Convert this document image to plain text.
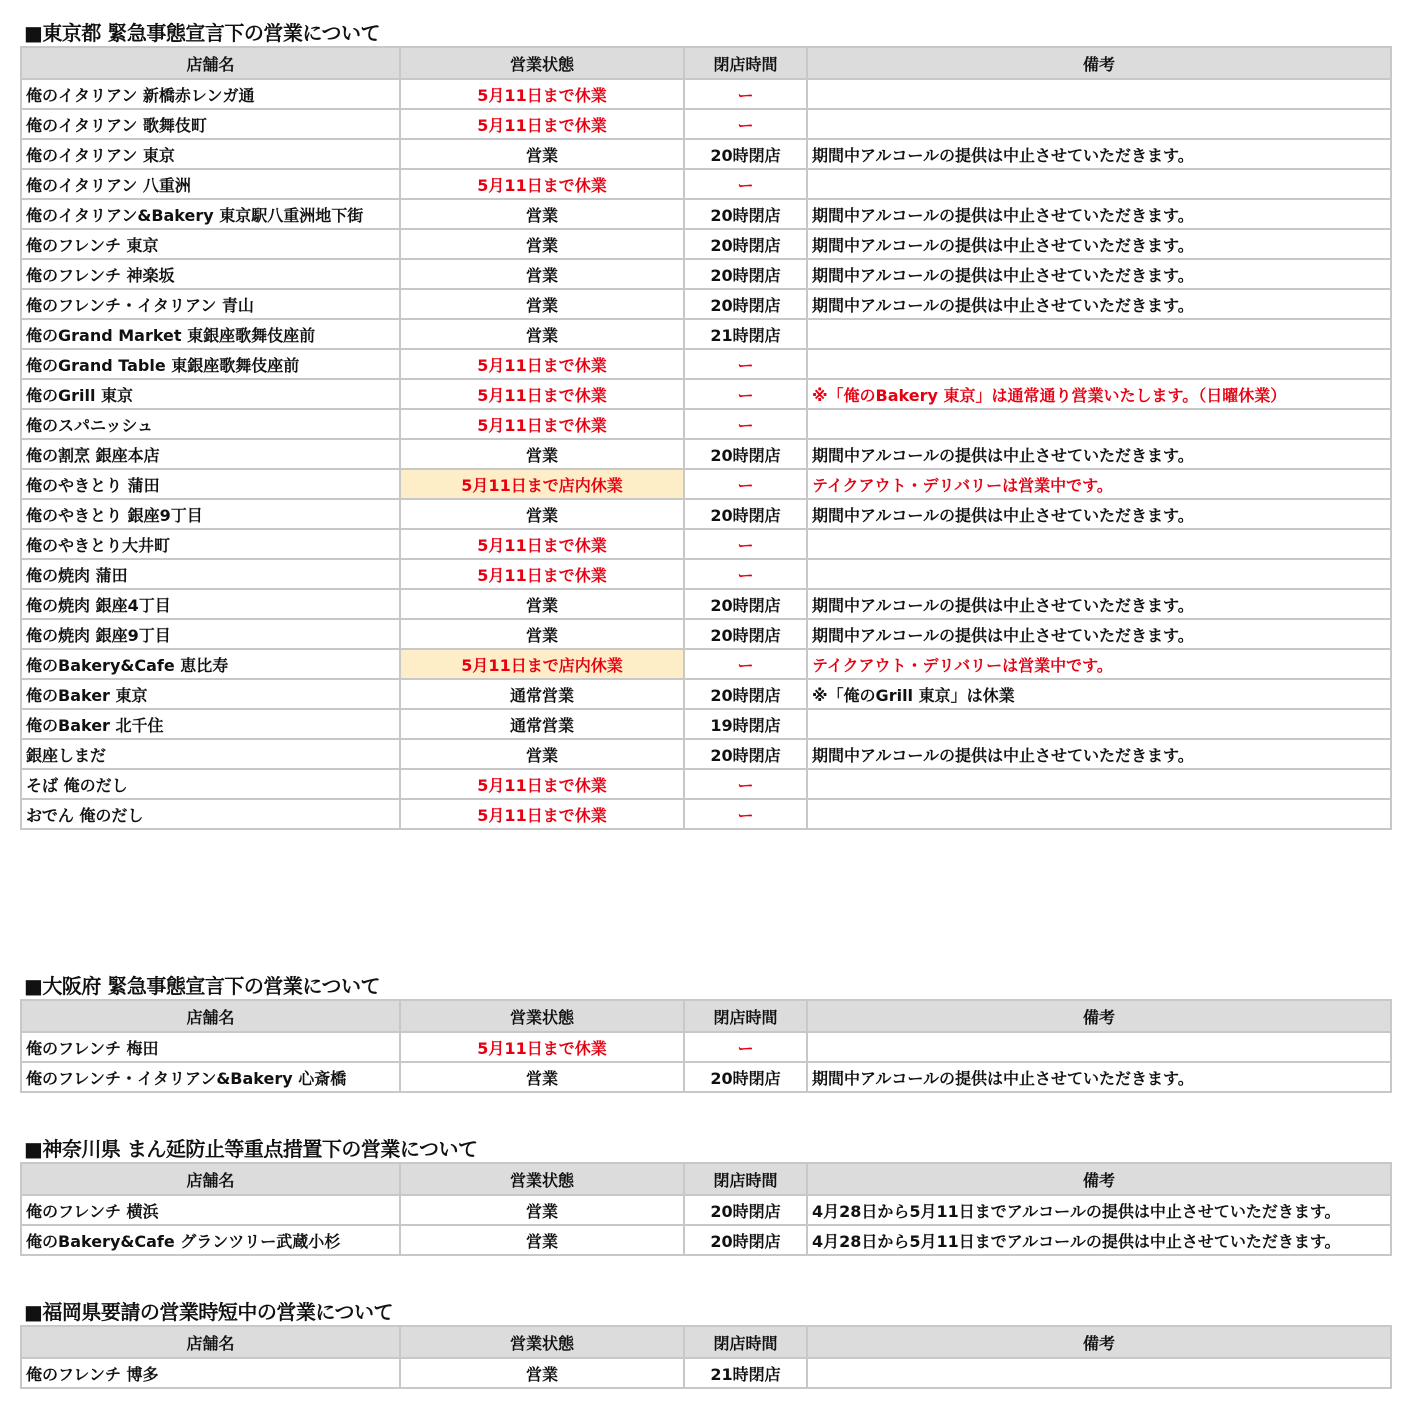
■東京都 緊急事態宣言下の営業について
店舗名	営業状態	閉店時間	備考
俺のイタリアン 新橋赤レンガ通	5月11日まで休業	ー	
俺のイタリアン 歌舞伎町	5月11日まで休業	ー	
俺のイタリアン 東京	営業	20時閉店	期間中アルコールの提供は中止させていただきます。
俺のイタリアン 八重洲	5月11日まで休業	ー	
俺のイタリアン&Bakery 東京駅八重洲地下街	営業	20時閉店	期間中アルコールの提供は中止させていただきます。
俺のフレンチ 東京	営業	20時閉店	期間中アルコールの提供は中止させていただきます。
俺のフレンチ 神楽坂	営業	20時閉店	期間中アルコールの提供は中止させていただきます。
俺のフレンチ・イタリアン 青山	営業	20時閉店	期間中アルコールの提供は中止させていただきます。
俺のGrand Market 東銀座歌舞伎座前	営業	21時閉店	
俺のGrand Table 東銀座歌舞伎座前	5月11日まで休業	ー	
俺のGrill 東京	5月11日まで休業	ー	※「俺のBakery 東京」は通常通り営業いたします。（日曜休業）
俺のスパニッシュ	5月11日まで休業	ー	
俺の割烹 銀座本店	営業	20時閉店	期間中アルコールの提供は中止させていただきます。
俺のやきとり 蒲田	5月11日まで店内休業	ー	テイクアウト・デリバリーは営業中です。
俺のやきとり 銀座9丁目	営業	20時閉店	期間中アルコールの提供は中止させていただきます。
俺のやきとり大井町	5月11日まで休業	ー	
俺の焼肉 蒲田	5月11日まで休業	ー	
俺の焼肉 銀座4丁目	営業	20時閉店	期間中アルコールの提供は中止させていただきます。
俺の焼肉 銀座9丁目	営業	20時閉店	期間中アルコールの提供は中止させていただきます。
俺のBakery&Cafe 恵比寿	5月11日まで店内休業	ー	テイクアウト・デリバリーは営業中です。
俺のBaker 東京	通常営業	20時閉店	※「俺のGrill 東京」は休業
俺のBaker 北千住	通常営業	19時閉店	
銀座しまだ	営業	20時閉店	期間中アルコールの提供は中止させていただきます。
そば 俺のだし	5月11日まで休業	ー	
おでん 俺のだし	5月11日まで休業	ー	
■大阪府 緊急事態宣言下の営業について
店舗名	営業状態	閉店時間	備考
俺のフレンチ 梅田	5月11日まで休業	ー	
俺のフレンチ・イタリアン&Bakery 心斎橋	営業	20時閉店	期間中アルコールの提供は中止させていただきます。
■神奈川県 まん延防止等重点措置下の営業について
店舗名	営業状態	閉店時間	備考
俺のフレンチ 横浜	営業	20時閉店	4月28日から5月11日までアルコールの提供は中止させていただきます。
俺のBakery&Cafe グランツリー武蔵小杉	営業	20時閉店	4月28日から5月11日までアルコールの提供は中止させていただきます。
■福岡県要請の営業時短中の営業について
店舗名	営業状態	閉店時間	備考
俺のフレンチ 博多	営業	21時閉店	
